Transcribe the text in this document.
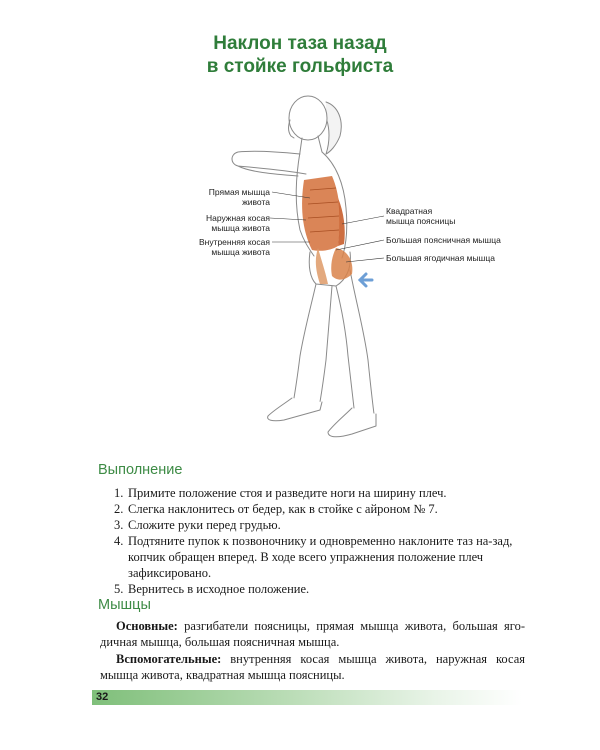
Наклон таза назад
в стойке гольфиста
Прямая мышца
живота
Наружная косая
мышца живота
Внутренняя косая
мышца живота
Квадратная
мышца поясницы
Большая поясничная мышца
Большая ягодичная мышца
Выполнение
1. Примите положение стоя и разведите ноги на ширину плеч.
2. Слегка наклонитесь от бедер, как в стойке с айроном № 7.
3. Сложите руки перед грудью.
4. Подтяните пупок к позвоночнику и одновременно наклоните таз на-зад, копчик обращен вперед. В ходе всего упражнения положение плеч зафиксировано.
5. Вернитесь в исходное положение.
Мышцы
Основные: разгибатели поясницы, прямая мышца живота, большая яго-дичная мышца, большая поясничная мышца.
Вспомогательные: внутренняя косая мышца живота, наружная косая мышца живота, квадратная мышца поясницы.
32
